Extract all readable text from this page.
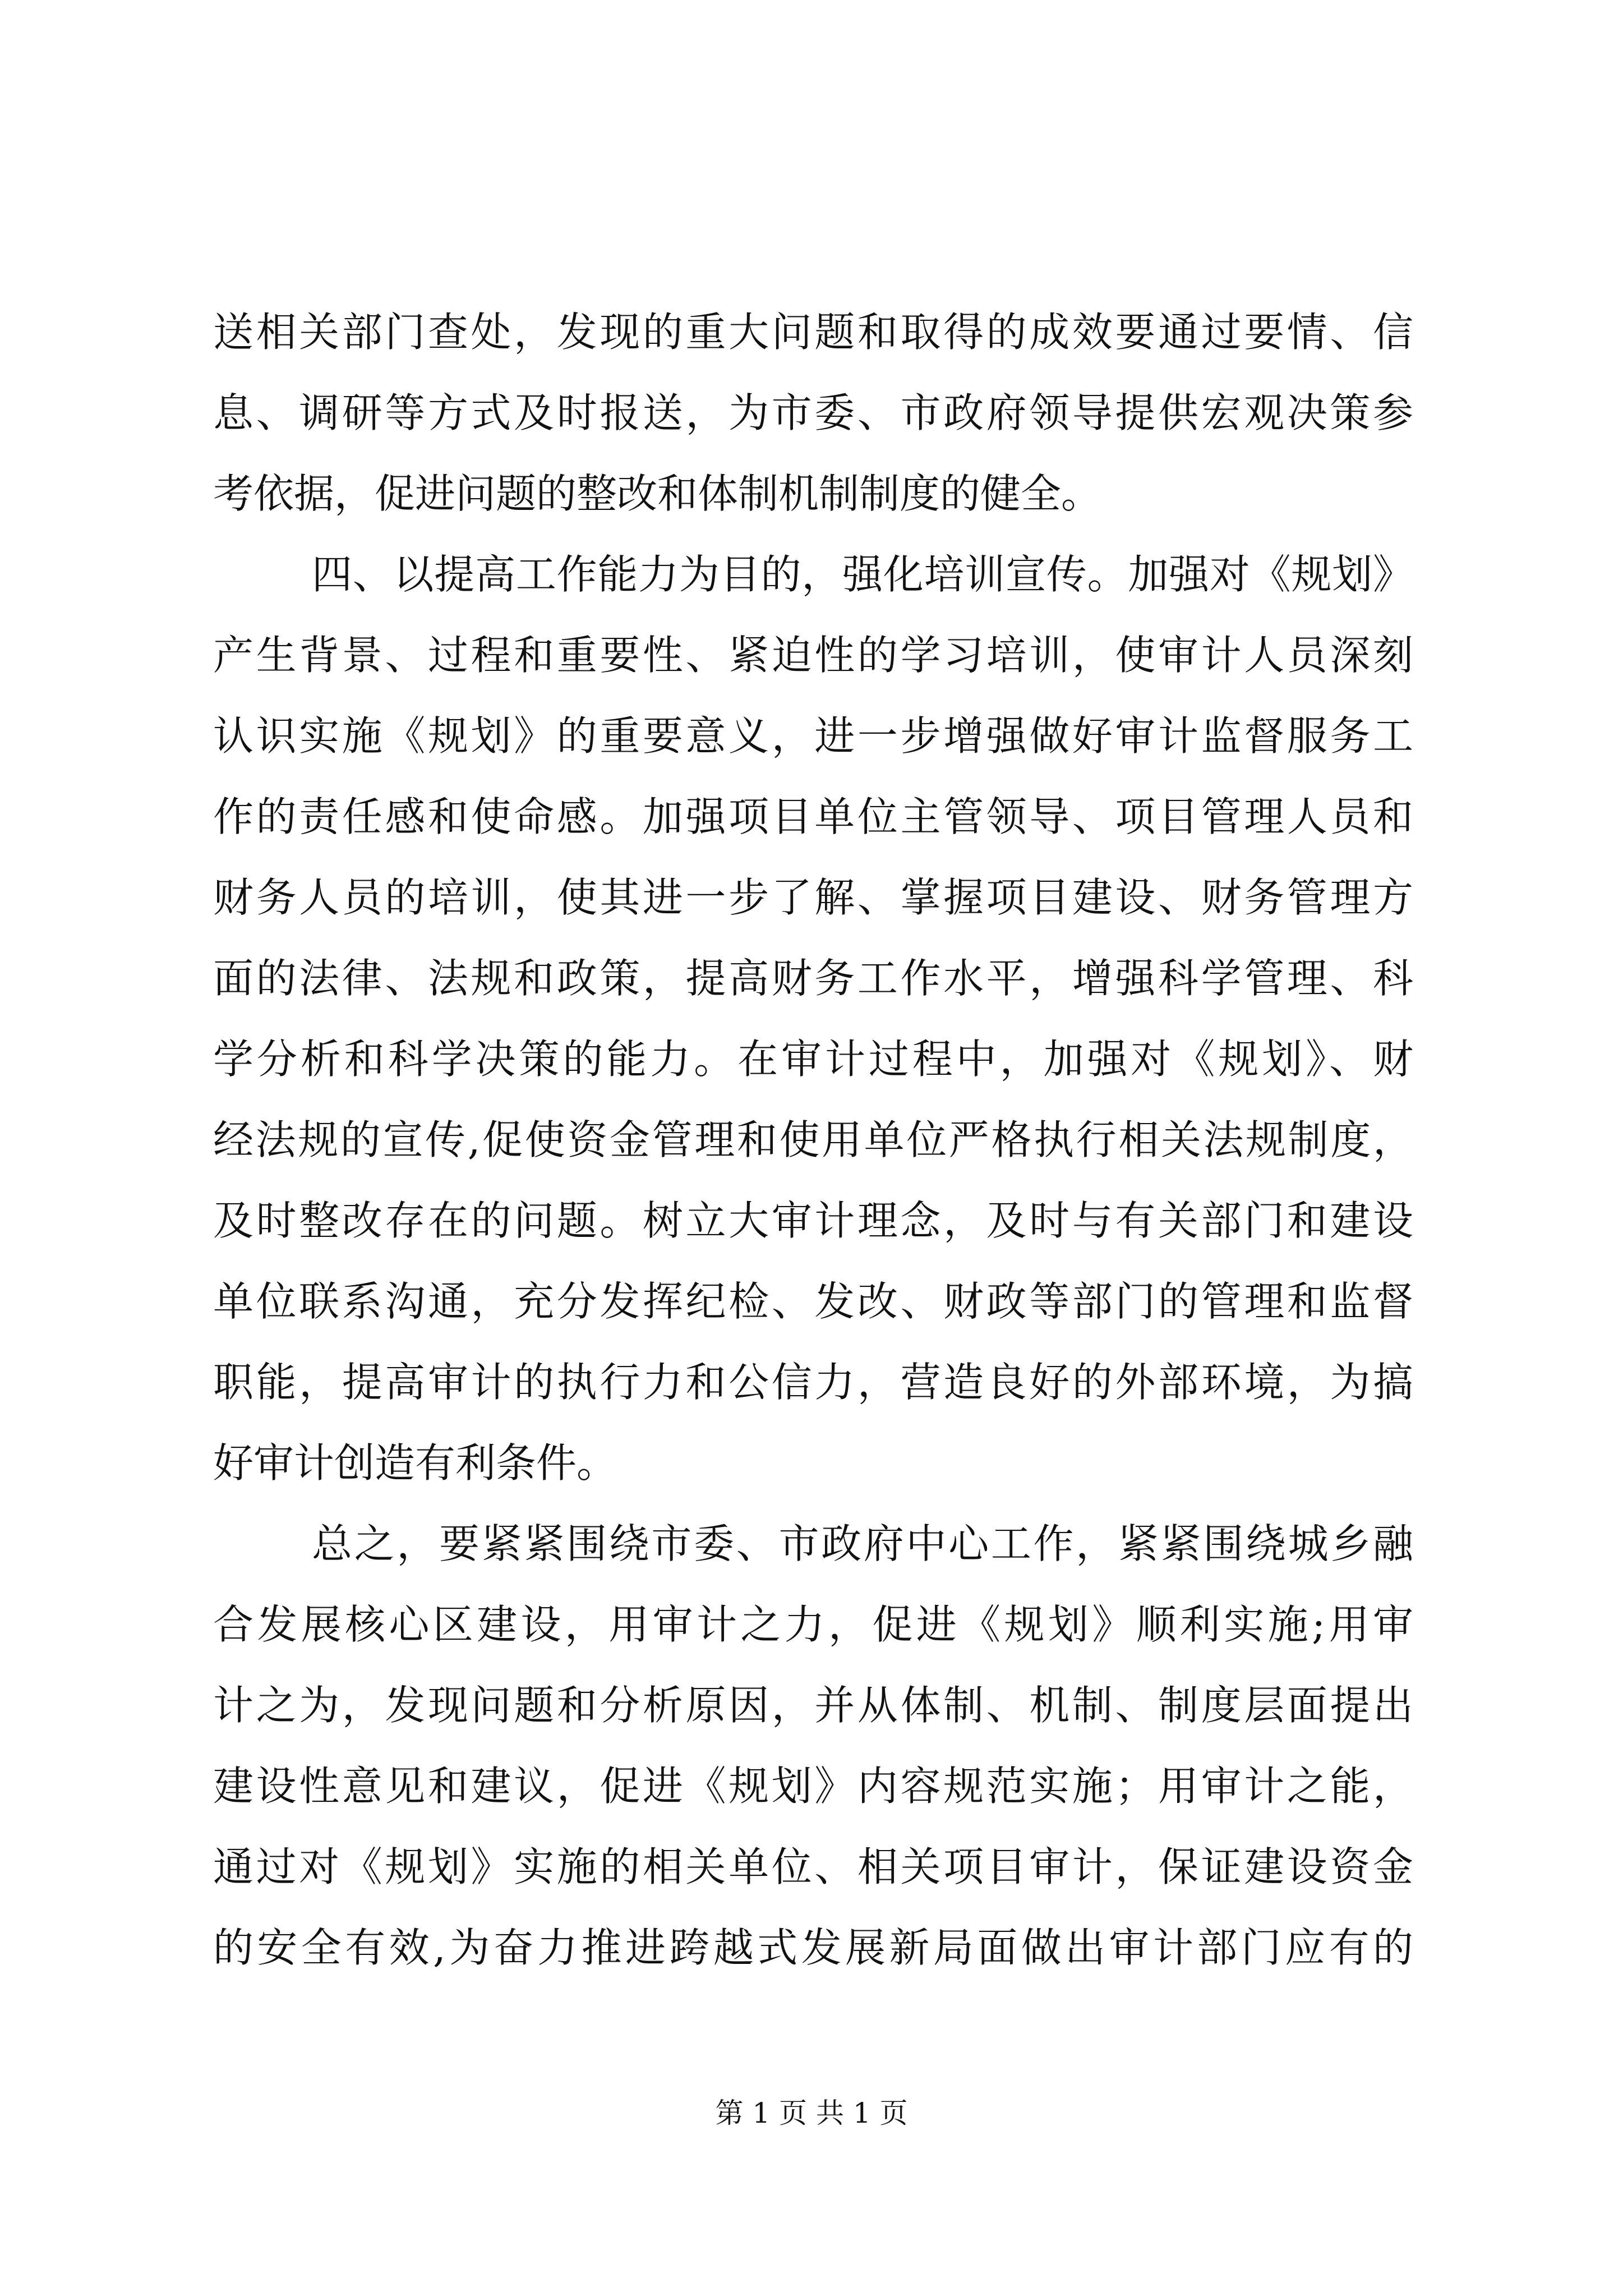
送相关部门查处，发现的重大问题和取得的成效要通过要情、信
息、调研等方式及时报送，为市委、市政府领导提供宏观决策参
考依据，促进问题的整改和体制机制制度的健全。
四、以提高工作能力为目的，强化培训宣传。加强对《规划》
产生背景、过程和重要性、紧迫性的学习培训，使审计人员深刻
认识实施《规划》的重要意义，进一步增强做好审计监督服务工
作的责任感和使命感。加强项目单位主管领导、项目管理人员和
财务人员的培训，使其进一步了解、掌握项目建设、财务管理方
面的法律、法规和政策，提高财务工作水平，增强科学管理、科
学分析和科学决策的能力。在审计过程中，加强对《规划》、财
经法规的宣传,促使资金管理和使用单位严格执行相关法规制度，
及时整改存在的问题。树立大审计理念，及时与有关部门和建设
单位联系沟通，充分发挥纪检、发改、财政等部门的管理和监督
职能，提高审计的执行力和公信力，营造良好的外部环境，为搞
好审计创造有利条件。
总之，要紧紧围绕市委、市政府中心工作，紧紧围绕城乡融
合发展核心区建设，用审计之力，促进《规划》顺利实施;用审
计之为，发现问题和分析原因，并从体制、机制、制度层面提出
建设性意见和建议，促进《规划》内容规范实施；用审计之能，
通过对《规划》实施的相关单位、相关项目审计，保证建设资金
的安全有效,为奋力推进跨越式发展新局面做出审计部门应有的
第 1 页 共 1 页
